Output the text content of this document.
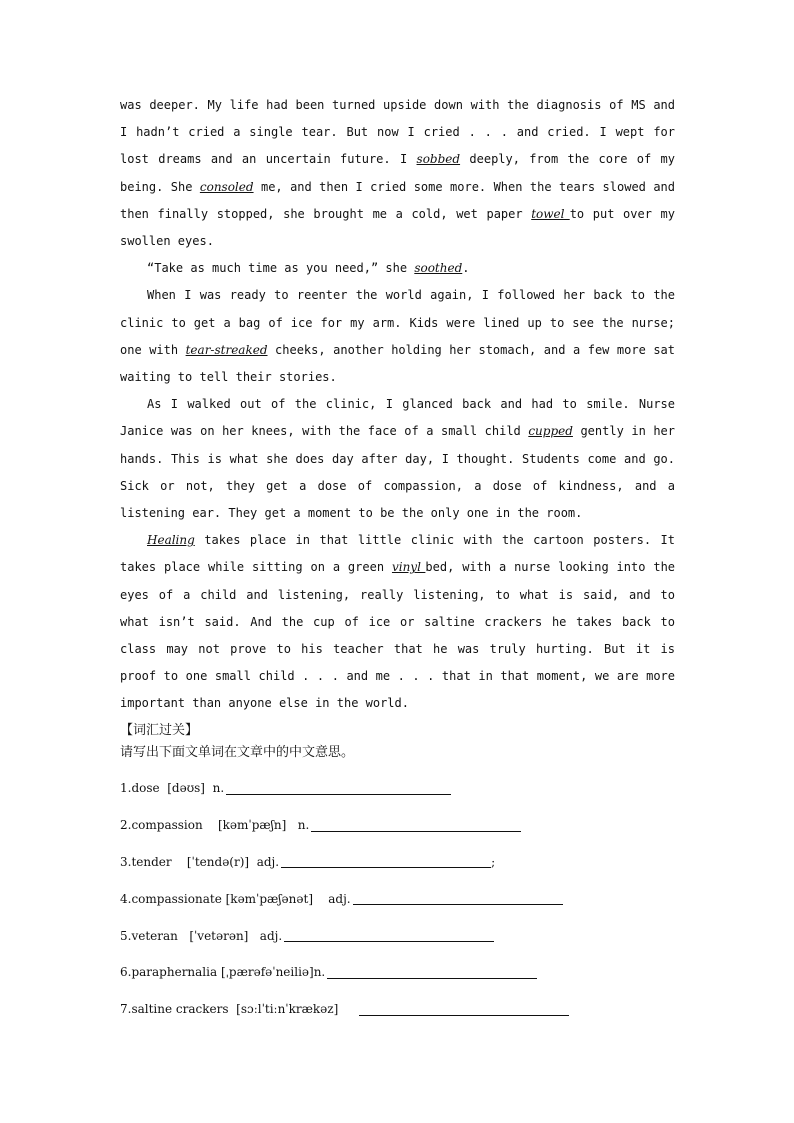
was deeper. My life had been turned upside down with the diagnosis of MS and I hadn’t cried a single tear. But now I cried . . . and cried. I wept for lost dreams and an uncertain future. I sobbed deeply, from the core of my being. She consoled me, and then I cried some more. When the tears slowed and then finally stopped, she brought me a cold, wet paper towel to put over my swollen eyes.

“Take as much time as you need,” she soothed.

When I was ready to reenter the world again, I followed her back to the clinic to get a bag of ice for my arm. Kids were lined up to see the nurse; one with tear-streaked cheeks, another holding her stomach, and a few more sat waiting to tell their stories.

As I walked out of the clinic, I glanced back and had to smile. Nurse Janice was on her knees, with the face of a small child cupped gently in her hands. This is what she does day after day, I thought. Students come and go. Sick or not, they get a dose of compassion, a dose of kindness, and a listening ear. They get a moment to be the only one in the room.

Healing takes place in that little clinic with the cartoon posters. It takes place while sitting on a green vinyl bed, with a nurse looking into the eyes of a child and listening, really listening, to what is said, and to what isn’t said. And the cup of ice or saltine crackers he takes back to class may not prove to his teacher that he was truly hurting. But it is proof to one small child . . . and me . . . that in that moment, we are more important than anyone else in the world.

【词汇过关】
请写出下面文单词在文章中的中文意思。
1.dose  [dəʊs]  n.
2.compassion    [kəmˈpæʃn]   n.
3.tender    [ˈtendə(r)]  adj.	;
4.compassionate [kəmˈpæʃənət]    adj.
5.veteran   [ˈvetərən]   adj.
6.paraphernalia [ˌpærəfəˈneiliə]n.
7.saltine crackers  [sɔːlˈtiːnˈkrækəz]
